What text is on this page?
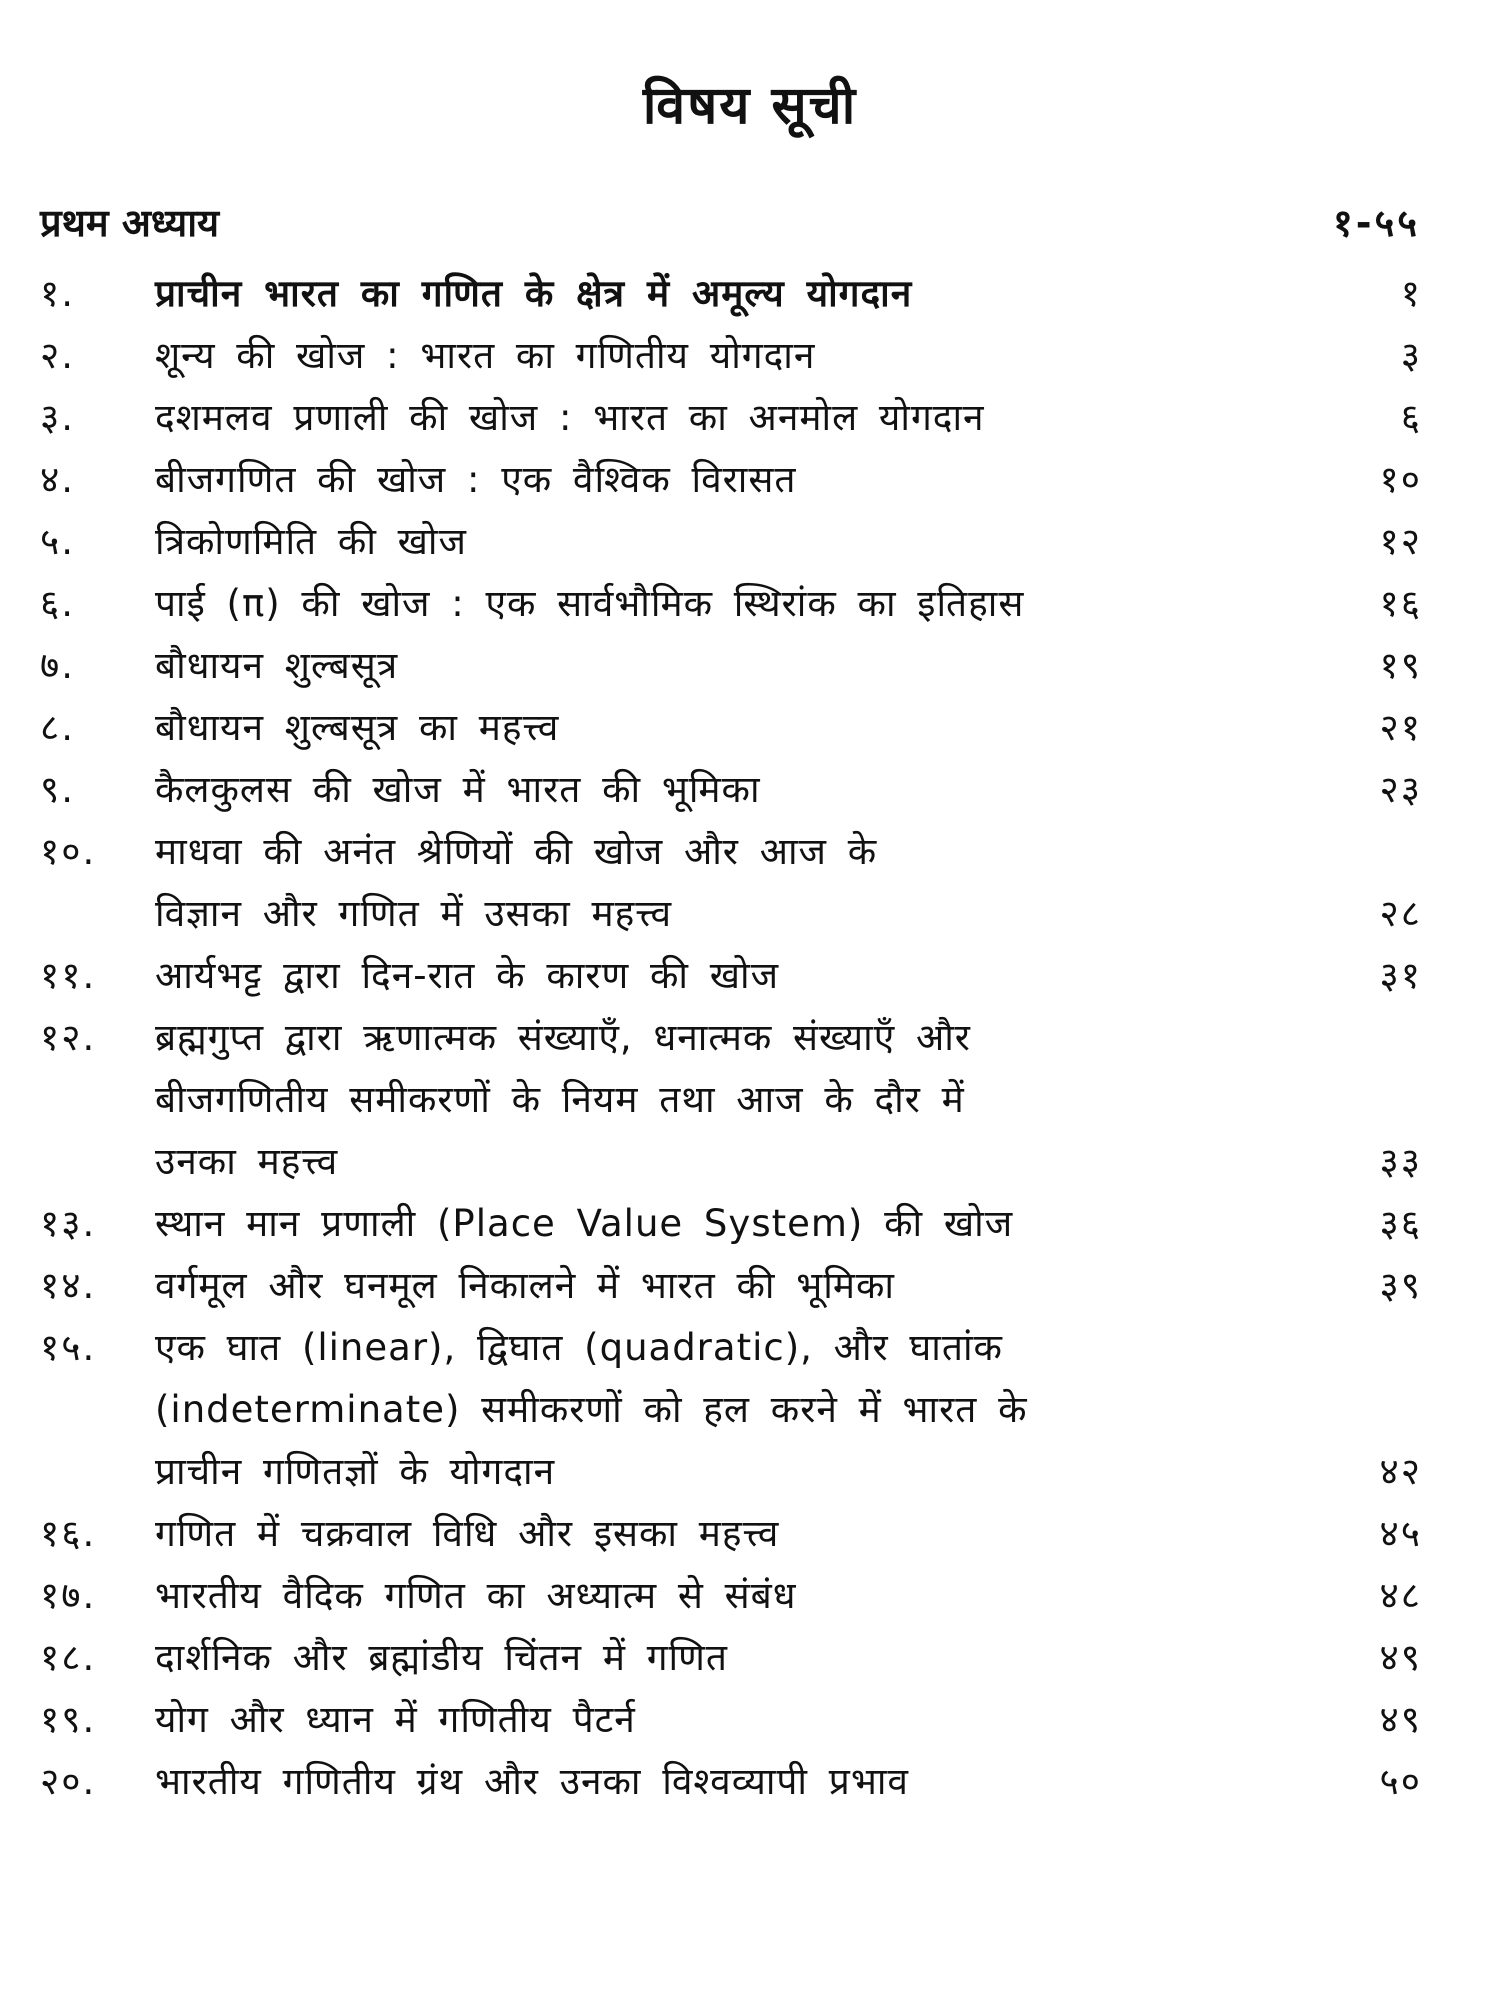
विषय सूची
प्रथम अध्याय	१-५५
१.	प्राचीन भारत का गणित के क्षेत्र में अमूल्य योगदान	१
२.	शून्य की खोज : भारत का गणितीय योगदान	३
३.	दशमलव प्रणाली की खोज : भारत का अनमोल योगदान	६
४.	बीजगणित की खोज : एक वैश्विक विरासत	१०
५.	त्रिकोणमिति की खोज	१२
६.	पाई (π) की खोज : एक सार्वभौमिक स्थिरांक का इतिहास	१६
७.	बौधायन शुल्बसूत्र	१९
८.	बौधायन शुल्बसूत्र का महत्त्व	२१
९.	कैलकुलस की खोज में भारत की भूमिका	२३
१०.	माधवा की अनंत श्रेणियों की खोज और आज के
विज्ञान और गणित में उसका महत्त्व	२८
११.	आर्यभट्ट द्वारा दिन-रात के कारण की खोज	३१
१२.	ब्रह्मगुप्त द्वारा ऋणात्मक संख्याएँ, धनात्मक संख्याएँ और
बीजगणितीय समीकरणों के नियम तथा आज के दौर में
उनका महत्त्व	३३
१३.	स्थान मान प्रणाली (Place Value System) की खोज	३६
१४.	वर्गमूल और घनमूल निकालने में भारत की भूमिका	३९
१५.	एक घात (linear), द्विघात (quadratic), और घातांक
(indeterminate) समीकरणों को हल करने में भारत के
प्राचीन गणितज्ञों के योगदान	४२
१६.	गणित में चक्रवाल विधि और इसका महत्त्व	४५
१७.	भारतीय वैदिक गणित का अध्यात्म से संबंध	४८
१८.	दार्शनिक और ब्रह्मांडीय चिंतन में गणित	४९
१९.	योग और ध्यान में गणितीय पैटर्न	४९
२०.	भारतीय गणितीय ग्रंथ और उनका विश्वव्यापी प्रभाव	५०
